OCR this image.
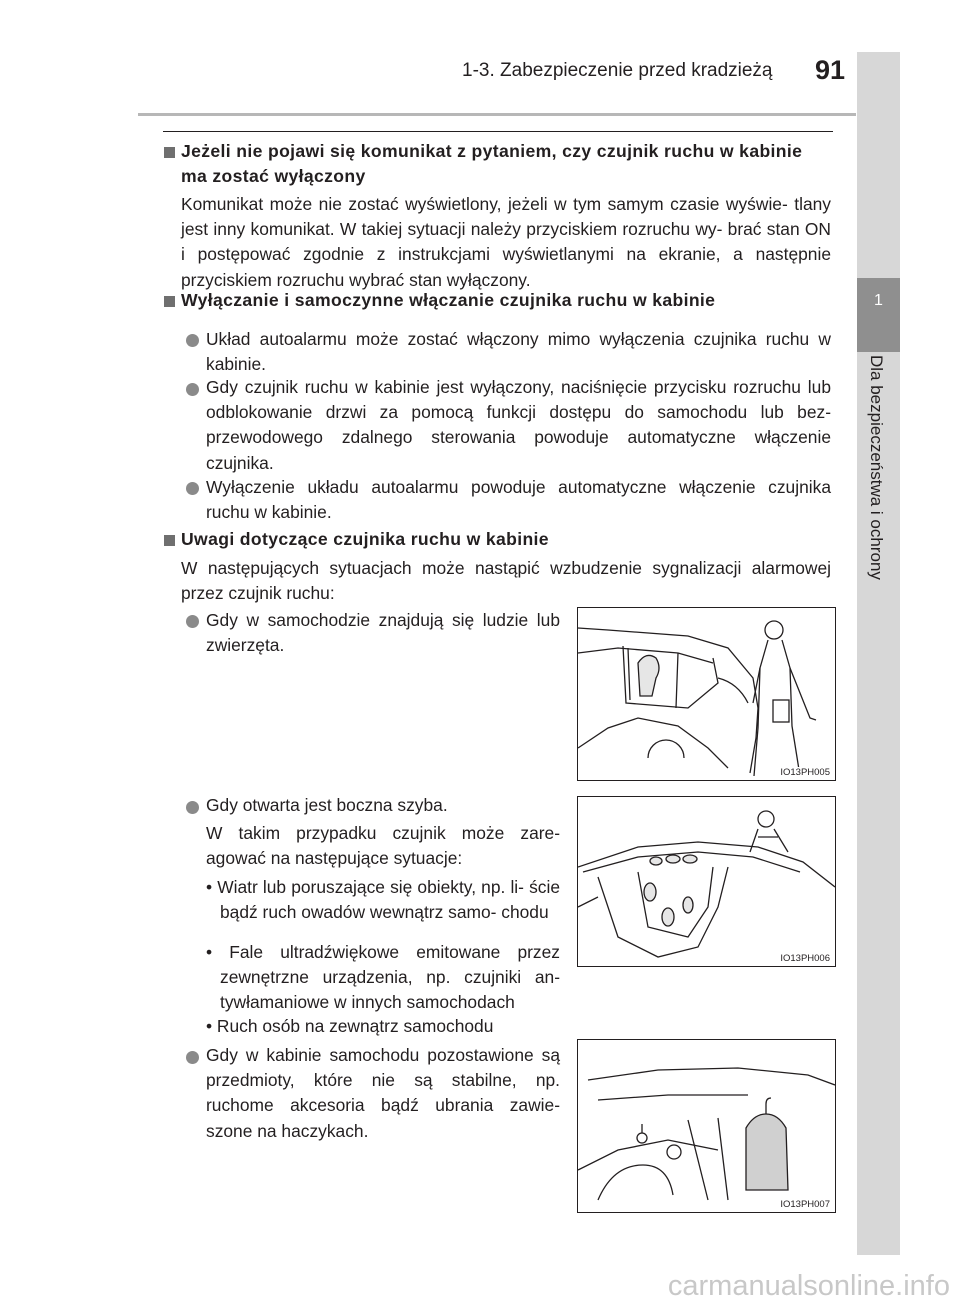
1-3. Zabezpieczenie przed kradzieżą 91
1
Dla bezpieczeństwa i ochrony
Jeżeli nie pojawi się komunikat z pytaniem, czy czujnik ruchu w kabinie
ma zostać wyłączony
Komunikat może nie zostać wyświetlony, jeżeli w tym samym czasie wyświe- tlany jest inny komunikat. W takiej sytuacji należy przyciskiem rozruchu wy- brać stan ON i postępować zgodnie z instrukcjami wyświetlanymi na ekranie, a następnie przyciskiem rozruchu wybrać stan wyłączony.
Wyłączanie i samoczynne włączanie czujnika ruchu w kabinie
Układ autoalarmu może zostać włączony mimo wyłączenia czujnika ruchu w kabinie.
Gdy czujnik ruchu w kabinie jest wyłączony, naciśnięcie przycisku rozruchu lub odblokowanie drzwi za pomocą funkcji dostępu do samochodu lub bez- przewodowego zdalnego sterowania powoduje automatyczne włączenie czujnika.
Wyłączenie układu autoalarmu powoduje automatyczne włączenie czujnika ruchu w kabinie.
Uwagi dotyczące czujnika ruchu w kabinie
W następujących sytuacjach może nastąpić wzbudzenie sygnalizacji alarmowej przez czujnik ruchu:
Gdy w samochodzie znajdują się ludzie lub zwierzęta.
IO13PH005
Gdy otwarta jest boczna szyba.
W takim przypadku czujnik może zare- agować na następujące sytuacje:
• Wiatr lub poruszające się obiekty, np. li- ście bądź ruch owadów wewnątrz samo- chodu
• Fale ultradźwiękowe emitowane przez zewnętrzne urządzenia, np. czujniki an- tywłamaniowe w innych samochodach
• Ruch osób na zewnątrz samochodu
IO13PH006
Gdy w kabinie samochodu pozostawione są przedmioty, które nie są stabilne, np. ruchome akcesoria bądź ubrania zawie- szone na haczykach.
IO13PH007
carmanualsonline.info
